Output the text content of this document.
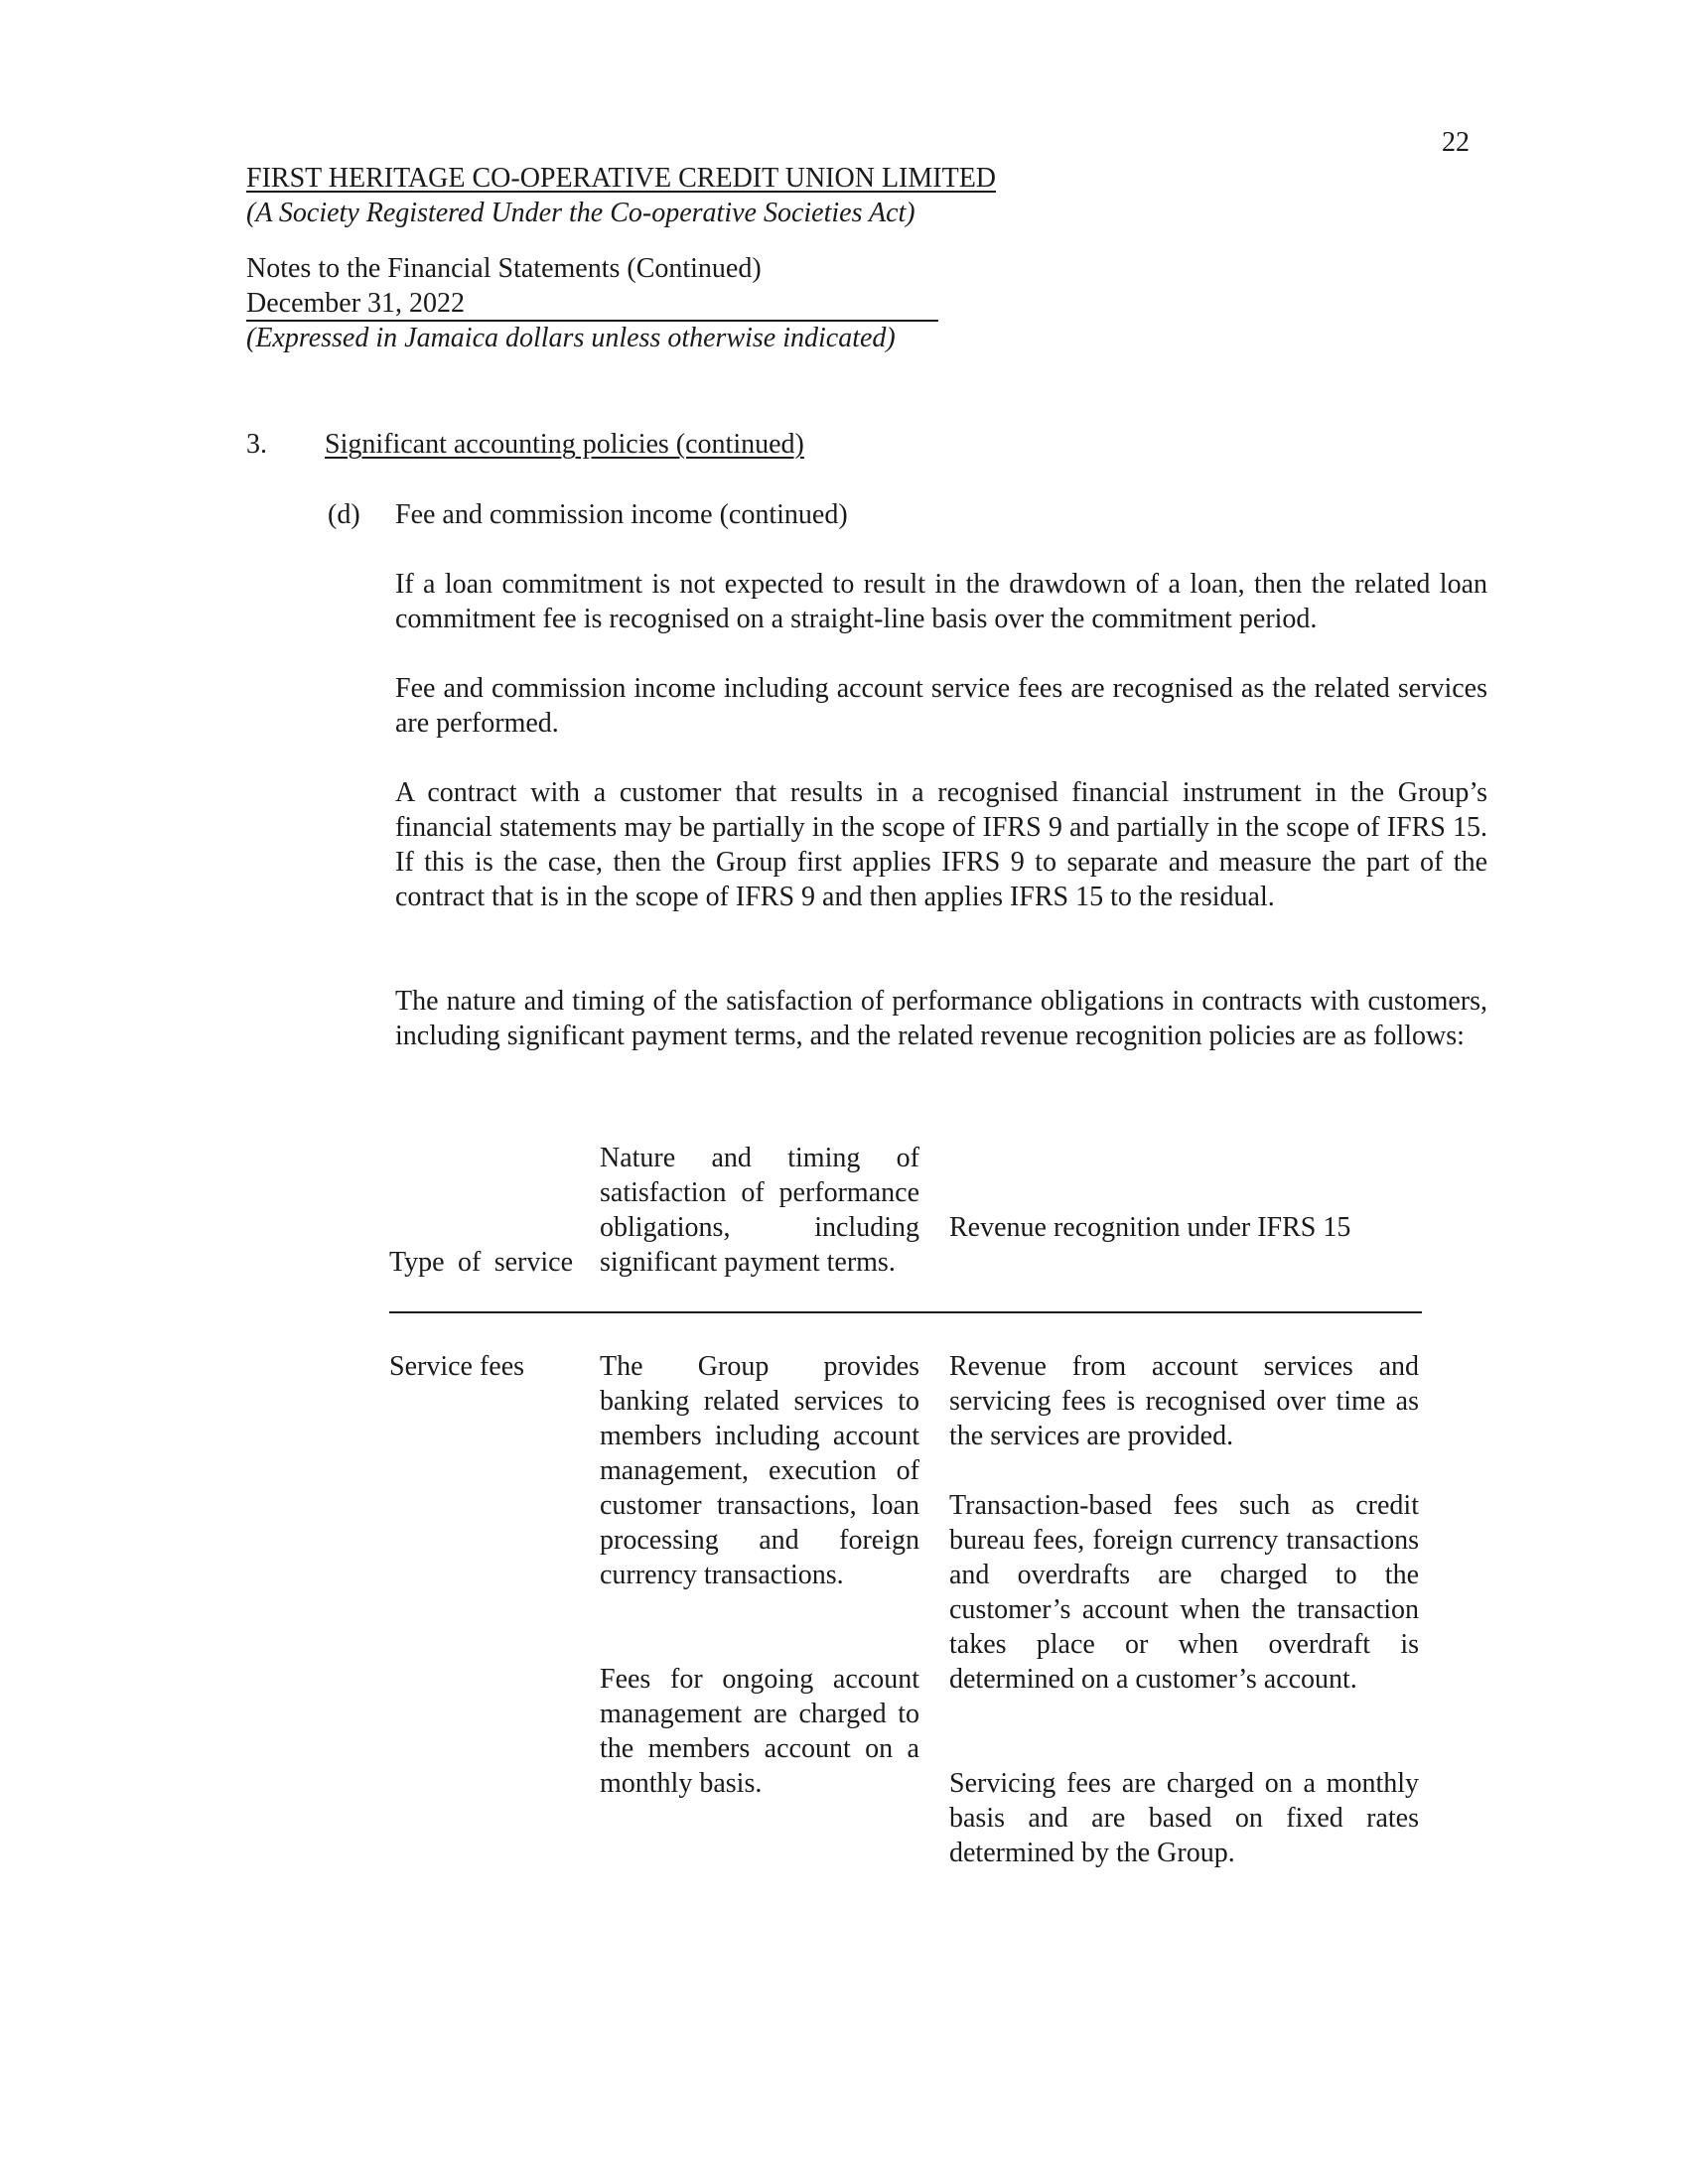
22
FIRST HERITAGE CO-OPERATIVE CREDIT UNION LIMITED
(A Society Registered Under the Co-operative Societies Act)
Notes to the Financial Statements (Continued)
December 31, 2022
(Expressed in Jamaica dollars unless otherwise indicated)
3. Significant accounting policies (continued)
(d) Fee and commission income (continued)
If a loan commitment is not expected to result in the drawdown of a loan, then the related loan commitment fee is recognised on a straight-line basis over the commitment period.
Fee and commission income including account service fees are recognised as the related services are performed.
A contract with a customer that results in a recognised financial instrument in the Group’s financial statements may be partially in the scope of IFRS 9 and partially in the scope of IFRS 15. If this is the case, then the Group first applies IFRS 9 to separate and measure the part of the contract that is in the scope of IFRS 9 and then applies IFRS 15 to the residual.
The nature and timing of the satisfaction of performance obligations in contracts with customers, including significant payment terms, and the related revenue recognition policies are as follows:
Type of service
Nature and timing of satisfaction of performance obligations, including significant payment terms.
Revenue recognition under IFRS 15
Service fees	The Group provides banking related services to members including account management, execution of customer transactions, loan processing and foreign currency transactions.
Fees for ongoing account management are charged to the members account on a monthly basis.
Revenue from account services and servicing fees is recognised over time as the services are provided.
Transaction-based fees such as credit bureau fees, foreign currency transactions and overdrafts are charged to the customer’s account when the transaction takes place or when overdraft is determined on a customer’s account.
Servicing fees are charged on a monthly basis and are based on fixed rates determined by the Group.
